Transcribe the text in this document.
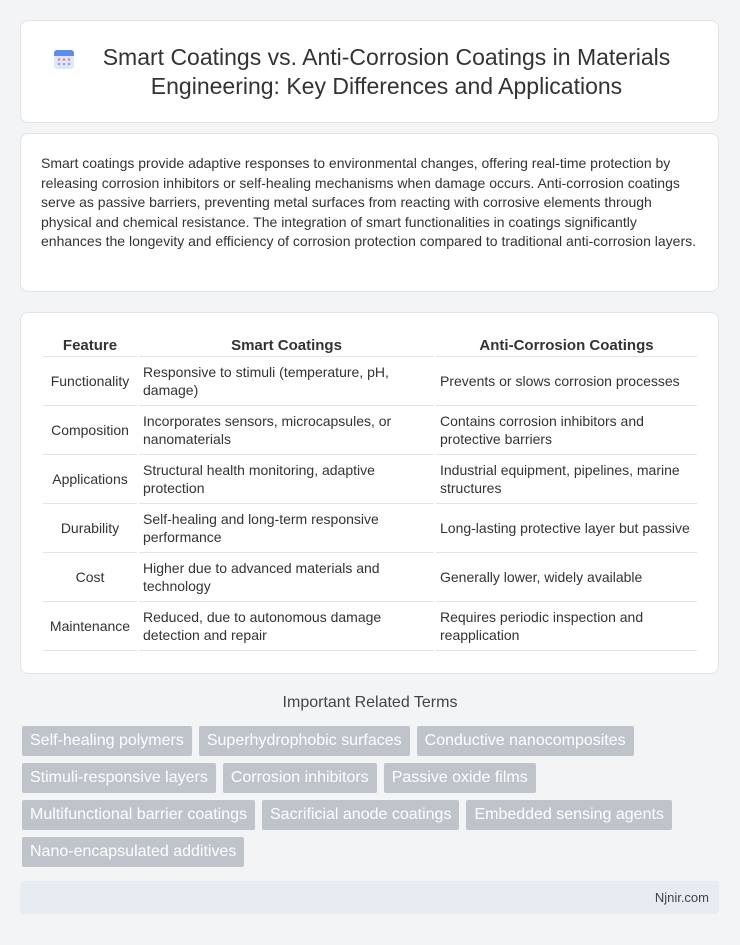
Smart Coatings vs. Anti-Corrosion Coatings in Materials Engineering: Key Differences and Applications

Smart coatings provide adaptive responses to environmental changes, offering real-time protection by releasing corrosion inhibitors or self-healing mechanisms when damage occurs. Anti-corrosion coatings serve as passive barriers, preventing metal surfaces from reacting with corrosive elements through physical and chemical resistance. The integration of smart functionalities in coatings significantly enhances the longevity and efficiency of corrosion protection compared to traditional anti-corrosion layers.

Feature	Smart Coatings	Anti-Corrosion Coatings
Functionality	Responsive to stimuli (temperature, pH, damage)	Prevents or slows corrosion processes
Composition	Incorporates sensors, microcapsules, or nanomaterials	Contains corrosion inhibitors and protective barriers
Applications	Structural health monitoring, adaptive protection	Industrial equipment, pipelines, marine structures
Durability	Self-healing and long-term responsive performance	Long-lasting protective layer but passive
Cost	Higher due to advanced materials and technology	Generally lower, widely available
Maintenance	Reduced, due to autonomous damage detection and repair	Requires periodic inspection and reapplication
Important Related Terms
Self-healing polymers	Superhydrophobic surfaces	Conductive nanocomposites
Stimuli-responsive layers	Corrosion inhibitors	Passive oxide films
Multifunctional barrier coatings	Sacrificial anode coatings	Embedded sensing agents
Nano-encapsulated additives
Njnir.com
